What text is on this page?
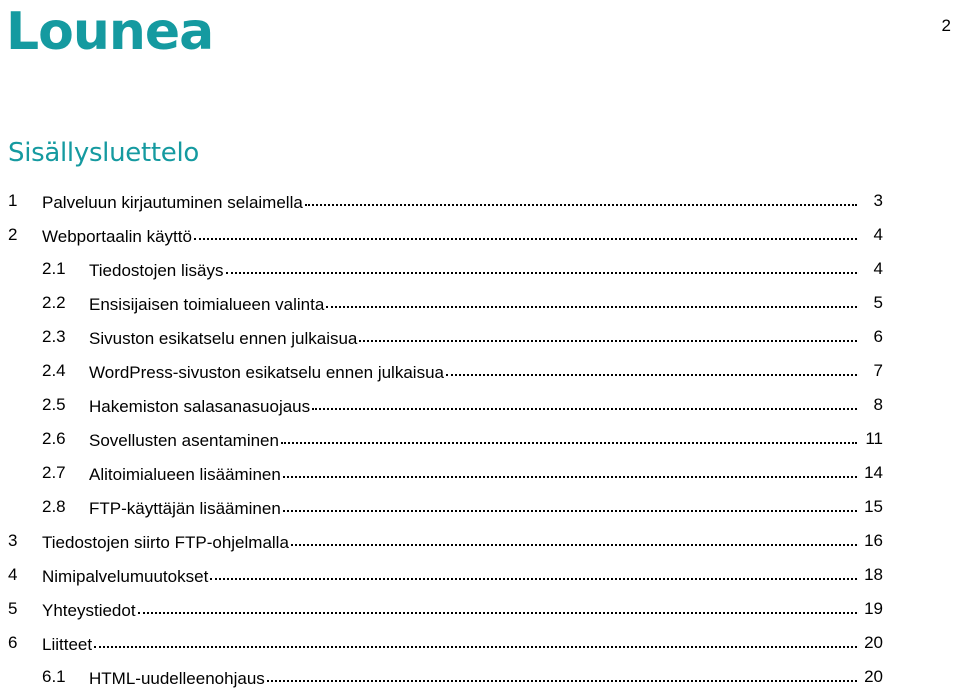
Lounea	2
Sisällysluettelo
1 Palveluun kirjautuminen selaimella	3
2 Webportaalin käyttö	4
2.1 Tiedostojen lisäys	4
2.2 Ensisijaisen toimialueen valinta	5
2.3 Sivuston esikatselu ennen julkaisua	6
2.4 WordPress-sivuston esikatselu ennen julkaisua	7
2.5 Hakemiston salasanasuojaus	8
2.6 Sovellusten asentaminen	11
2.7 Alitoimialueen lisääminen	14
2.8 FTP-käyttäjän lisääminen	15
3 Tiedostojen siirto FTP-ohjelmalla	16
4 Nimipalvelumuutokset	18
5 Yhteystiedot	19
6 Liitteet	20
6.1 HTML-uudelleenohjaus	20
